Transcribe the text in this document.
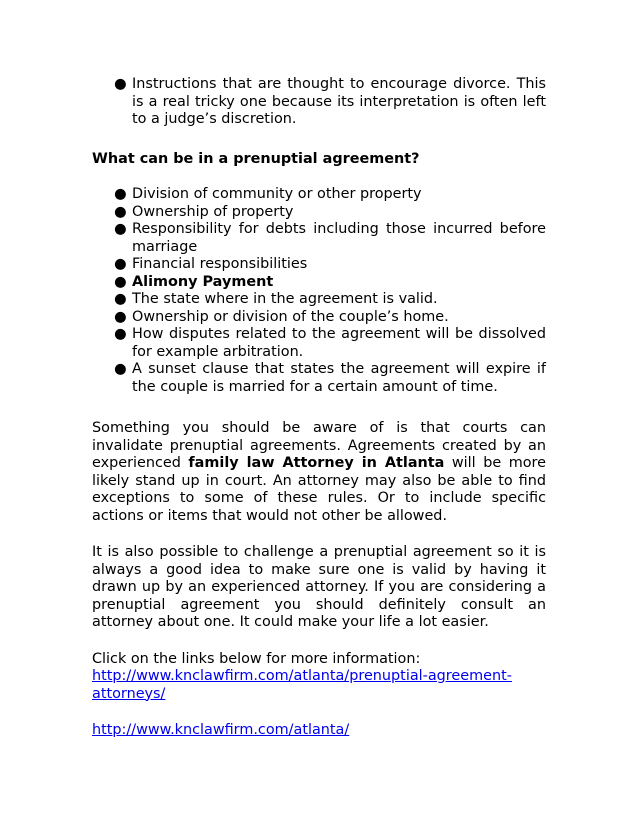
● Instructions that are thought to encourage divorce. This is a real tricky one because its interpretation is often left to a judge’s discretion.
What can be in a prenuptial agreement?
● Division of community or other property
● Ownership of property
● Responsibility for debts including those incurred before marriage
● Financial responsibilities
● Alimony Payment
● The state where in the agreement is valid.
● Ownership or division of the couple’s home.
● How disputes related to the agreement will be dissolved for example arbitration.
● A sunset clause that states the agreement will expire if the couple is married for a certain amount of time.

Something you should be aware of is that courts can invalidate prenuptial agreements. Agreements created by an experienced family law Attorney in Atlanta will be more likely stand up in court. An attorney may also be able to find exceptions to some of these rules. Or to include specific actions or items that would not other be allowed.

It is also possible to challenge a prenuptial agreement so it is always a good idea to make sure one is valid by having it drawn up by an experienced attorney. If you are considering a prenuptial agreement you should definitely consult an attorney about one. It could make your life a lot easier.

Click on the links below for more information:
http://www.knclawfirm.com/atlanta/prenuptial-agreement-attorneys/
http://www.knclawfirm.com/atlanta/
